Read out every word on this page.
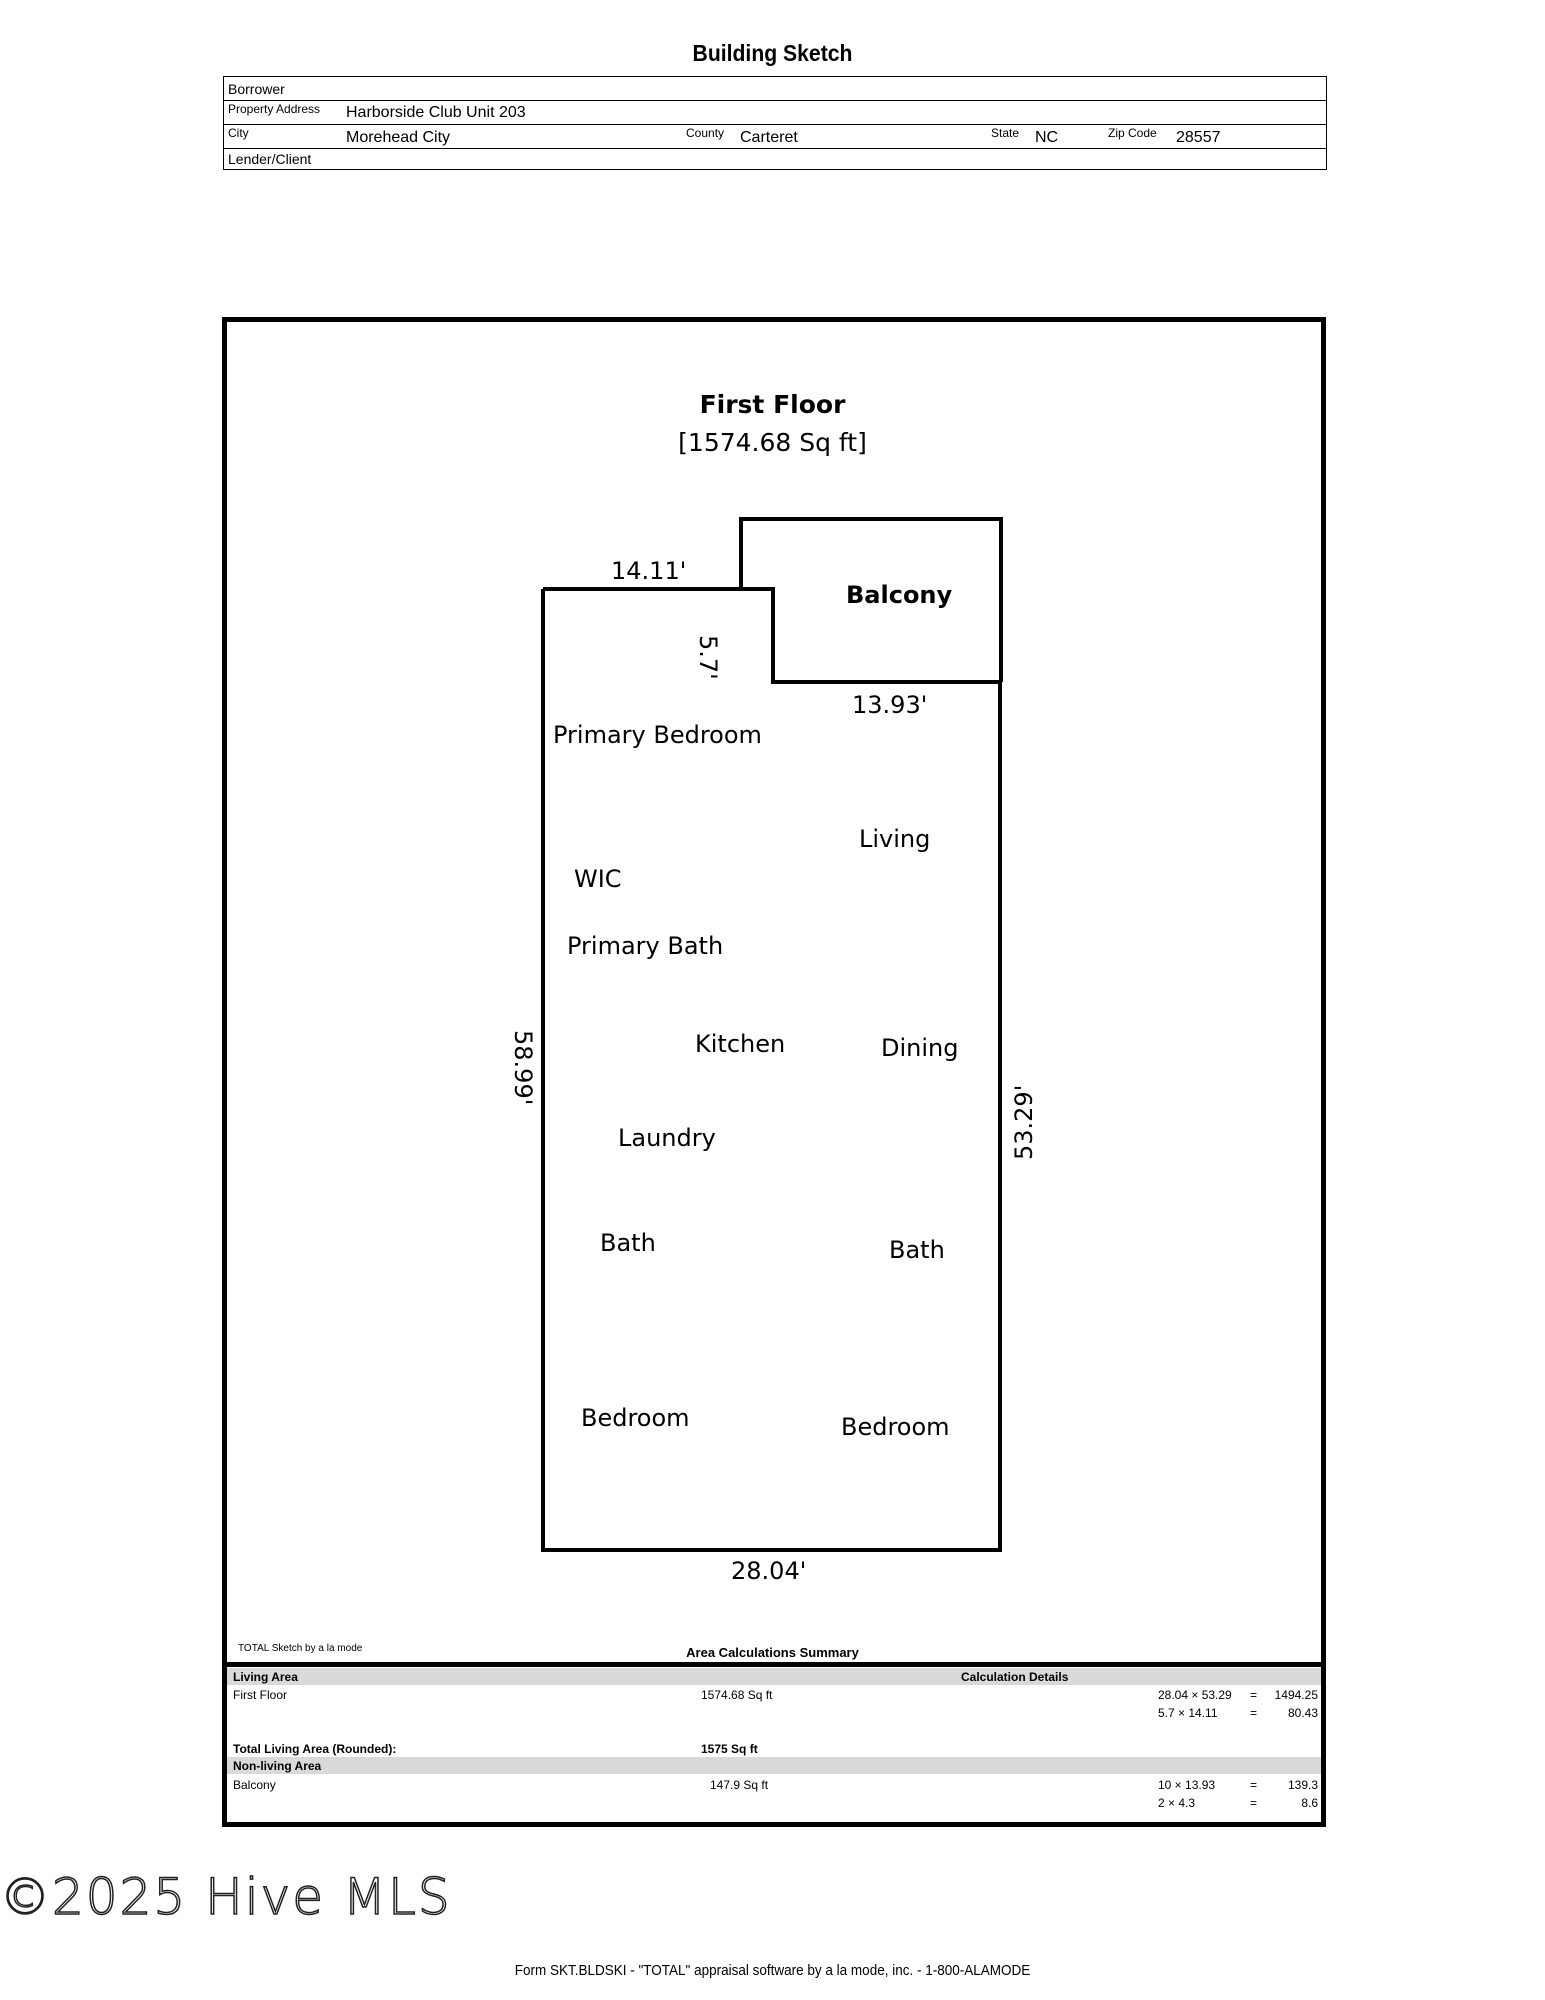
Building Sketch
Borrower
Property Address Harborside Club Unit 203
City	Morehead City	County Carteret	State NC	Zip Code 28557
Lender/Client
First Floor
[1574.68 Sq ft]
Balcony
14.11'
5.7'
13.93'
58.99'
53.29'
28.04'
Primary Bedroom
Living
WIC
Primary Bath
Kitchen	Dining
Laundry
Bath	Bath
Bedroom	Bedroom
TOTAL Sketch by a la mode	Area Calculations Summary
Living Area	Calculation Details
First Floor	1574.68 Sq ft	28.04 × 53.29 =	1494.25
5.7 × 14.11	=	80.43
Total Living Area (Rounded):	1575 Sq ft
Non-living Area
Balcony	147.9 Sq ft	10 × 13.93	=	139.3
2 × 4.3	=	8.6
©2025 Hive MLS
Form SKT.BLDSKI - "TOTAL" appraisal software by a la mode, inc. - 1-800-ALAMODE
